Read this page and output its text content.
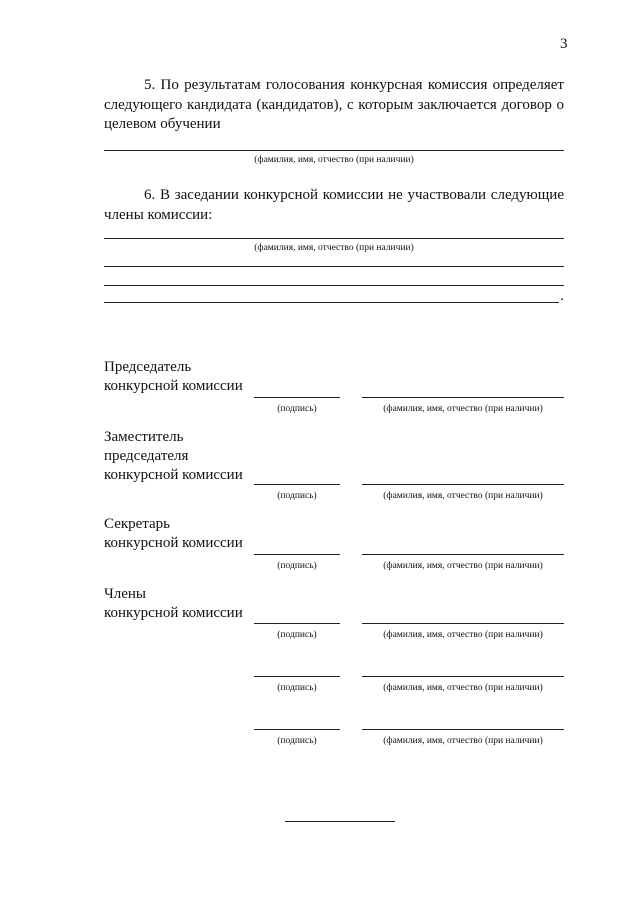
3
5. По результатам голосования конкурсная комиссия определяет следующего кандидата (кандидатов), с которым заключается договор о целевом обучении
(фамилия, имя, отчество (при наличии)
6. В заседании конкурсной комиссии не участвовали следующие члены комиссии:
(фамилия, имя, отчество (при наличии)
.
Председатель
конкурсной комиссии
(подпись)	(фамилия, имя, отчество (при наличии)
Заместитель
председателя
конкурсной комиссии
(подпись)	(фамилия, имя, отчество (при наличии)
Секретарь
конкурсной комиссии
(подпись)	(фамилия, имя, отчество (при наличии)
Члены
конкурсной комиссии
(подпись)	(фамилия, имя, отчество (при наличии)
(подпись)	(фамилия, имя, отчество (при наличии)
(подпись)	(фамилия, имя, отчество (при наличии)
